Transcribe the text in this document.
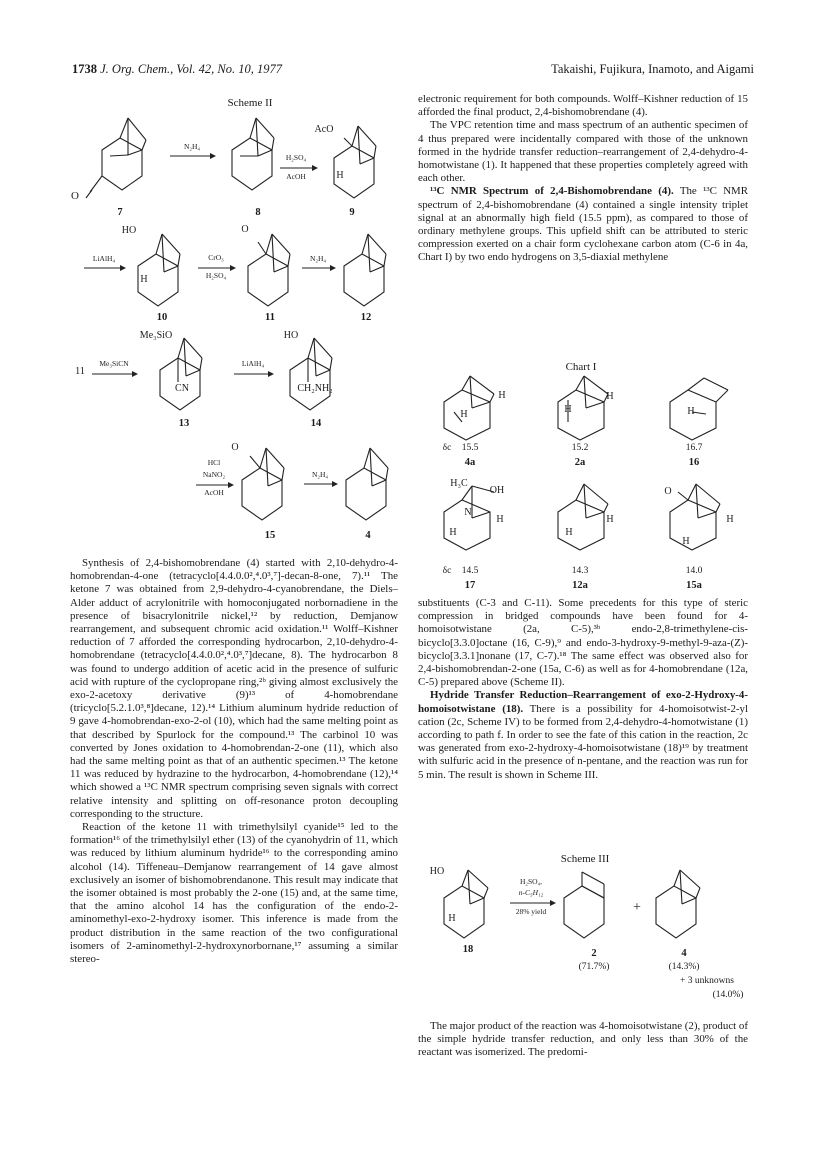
1738 J. Org. Chem., Vol. 42, No. 10, 1977	Takaishi, Fujikura, Inamoto, and Aigami
Scheme II
O
7
N₂H₄
8
H₂SO₄
AcOH
AcO
H
9
LiAlH₄
HO
H
10
CrO₃
H₂SO₄
O
11
N₂H₄
12
11
Me₃SiCN
Me₃SiO
CN
13
LiAlH₄
HO
CH₂NH₂
14
HCl
NaNO₂
AcOH
O
15
N₂H₄
4

Synthesis of 2,4-bishomobrendane (4) started with 2,10-dehydro-4-homobrendan-4-one (tetracyclo[4.4.0.0²,⁴.0³,⁷]-decan-8-one, 7).¹¹ The ketone 7 was obtained from 2,9-dehydro-4-cyanobrendane, the Diels–Alder adduct of acrylonitrile with homoconjugated norbornadiene in the presence of bisacrylonitrile nickel,¹² by reduction, Demjanow rearrangement, and subsequent chromic acid oxidation.¹¹ Wolff–Kishner reduction of 7 afforded the corresponding hydrocarbon, 2,10-dehydro-4-homobrendane (tetracyclo[4.4.0.0²,⁴.0³,⁷]decane, 8). The hydrocarbon 8 was found to undergo addition of acetic acid in the presence of sulfuric acid with rupture of the cyclopropane ring,²ᵇ giving almost exclusively the exo-2-acetoxy derivative (9)¹³ of 4-homobrendane (tricyclo[5.2.1.0³,⁸]decane, 12).¹⁴ Lithium aluminum hydride reduction of 9 gave 4-homobrendan-exo-2-ol (10), which had the same melting point as that described by Spurlock for the compound.¹³ The carbinol 10 was converted by Jones oxidation to 4-homobrendan-2-one (11), which also had the same melting point as that of an authentic specimen.¹³ The ketone 11 was reduced by hydrazine to the hydrocarbon, 4-homobrendane (12),¹⁴ which showed a ¹³C NMR spectrum comprising seven signals with correct relative intensity and splitting on off-resonance proton decoupling corresponding to the structure.

Reaction of the ketone 11 with trimethylsilyl cyanide¹⁵ led to the formation¹⁶ of the trimethylsilyl ether (13) of the cyanohydrin of 11, which was reduced by lithium aluminum hydride¹⁶ to the corresponding amino alcohol (14). Tiffeneau–Demjanow rearrangement of 14 gave almost exclusively an isomer of bishomobrendanone. This result may indicate that the isomer obtained is most probably the 2-one (15) and, at the same time, that the amino alcohol 14 has the configuration of the endo-2-aminomethyl-exo-2-hydroxy isomer. This inference is made from the product distribution in the same reaction of the two configurational isomers of 2-aminomethyl-2-hydroxynorbornane,¹⁷ assuming a similar stereo-

electronic requirement for both compounds. Wolff–Kishner reduction of 15 afforded the final product, 2,4-bishomobrendane (4).

The VPC retention time and mass spectrum of an authentic specimen of 4 thus prepared were incidentally compared with those of the unknown formed in the hydride transfer reduction–rearrangement of 2,4-dehydro-4-homotwistane (1). It happened that these properties completely agreed with each other.

¹³C NMR Spectrum of 2,4-Bishomobrendane (4). The ¹³C NMR spectrum of 2,4-bishomobrendane (4) contained a single intensity triplet signal at an abnormally high field (15.5 ppm), as compared to those of ordinary methylene groups. This upfield shift can be attributed to steric compression exerted on a chair form cyclohexane carbon atom (C-6 in 4a, Chart I) by two endo hydrogens on 3,5-diaxial methylene

Chart I
H
H
H
H
H
δc	15.5
4a
15.2
2a
16.7
16
H₃C
OH
N
H
H	H
H
O
H
H
δc	14.5
17
14.3
12a
14.0
15a

substituents (C-3 and C-11). Some precedents for this type of steric compression in bridged compounds have been found for 4-homoisotwistane (2a, C-5),³ᵇ endo-2,8-trimethylene-cis-bicyclo[3.3.0]octane (16, C-9),⁹ and endo-3-hydroxy-9-methyl-9-aza-(Z)-bicyclo[3.3.1]nonane (17, C-7).¹⁸ The same effect was observed also for 2,4-bishomobrendan-2-one (15a, C-6) as well as for 4-homobrendane (12a, C-5) prepared above (Scheme II).

Hydride Transfer Reduction–Rearrangement of exo-2-Hydroxy-4-homoisotwistane (18). There is a possibility for 4-homoisotwist-2-yl cation (2c, Scheme IV) to be formed from 2,4-dehydro-4-homotwistane (1) according to path f. In order to see the fate of this cation in the reaction, 2c was generated from exo-2-hydroxy-4-homoisotwistane (18)¹⁹ by treatment with sulfuric acid in the presence of n-pentane, and the reaction was run for 5 min. The result is shown in Scheme III.

Scheme III
HO
H
18
H₂SO₄,
n-C₅H₁₂
28% yield
2
(71.7%)
+
4
(14.3%)
+ 3 unknowns
(14.0%)

The major product of the reaction was 4-homoisotwistane (2), product of the simple hydride transfer reduction, and only less than 30% of the reactant was isomerized. The predomi-
